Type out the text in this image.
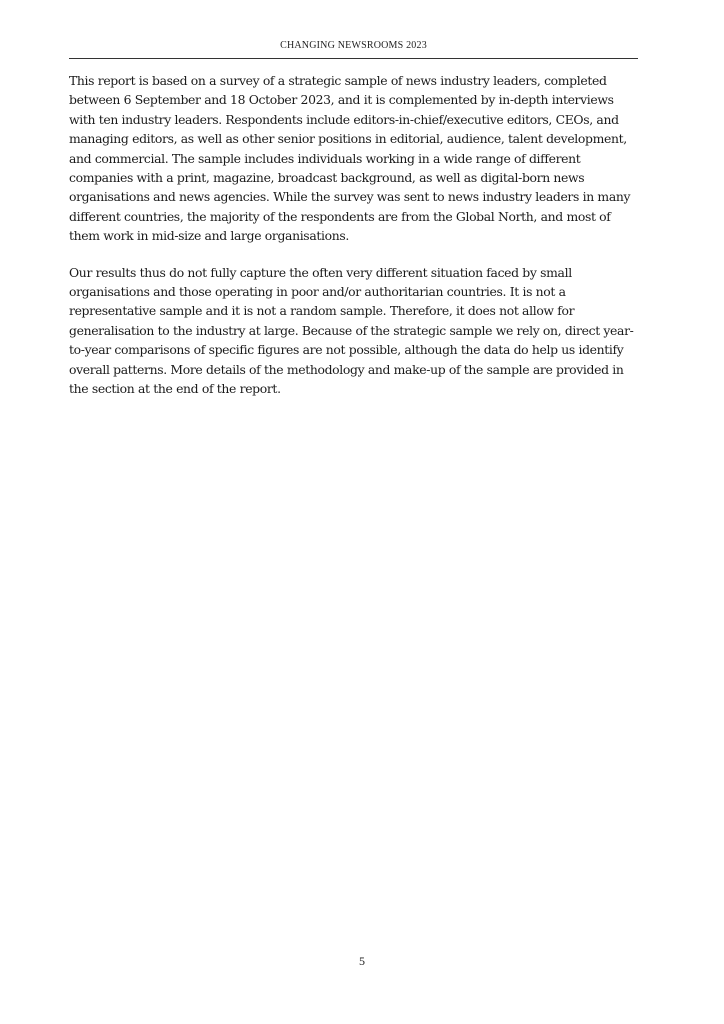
CHANGING NEWSROOMS 2023

This report is based on a survey of a strategic sample of news industry leaders, completed
between 6 September and 18 October 2023, and it is complemented by in-depth interviews
with ten industry leaders. Respondents include editors-in-chief/executive editors, CEOs, and
managing editors, as well as other senior positions in editorial, audience, talent development,
and commercial. The sample includes individuals working in a wide range of different
companies with a print, magazine, broadcast background, as well as digital-born news
organisations and news agencies. While the survey was sent to news industry leaders in many
different countries, the majority of the respondents are from the Global North, and most of
them work in mid-size and large organisations.

Our results thus do not fully capture the often very different situation faced by small
organisations and those operating in poor and/or authoritarian countries. It is not a
representative sample and it is not a random sample. Therefore, it does not allow for
generalisation to the industry at large. Because of the strategic sample we rely on, direct year-
to-year comparisons of specific figures are not possible, although the data do help us identify
overall patterns. More details of the methodology and make-up of the sample are provided in
the section at the end of the report.

5
